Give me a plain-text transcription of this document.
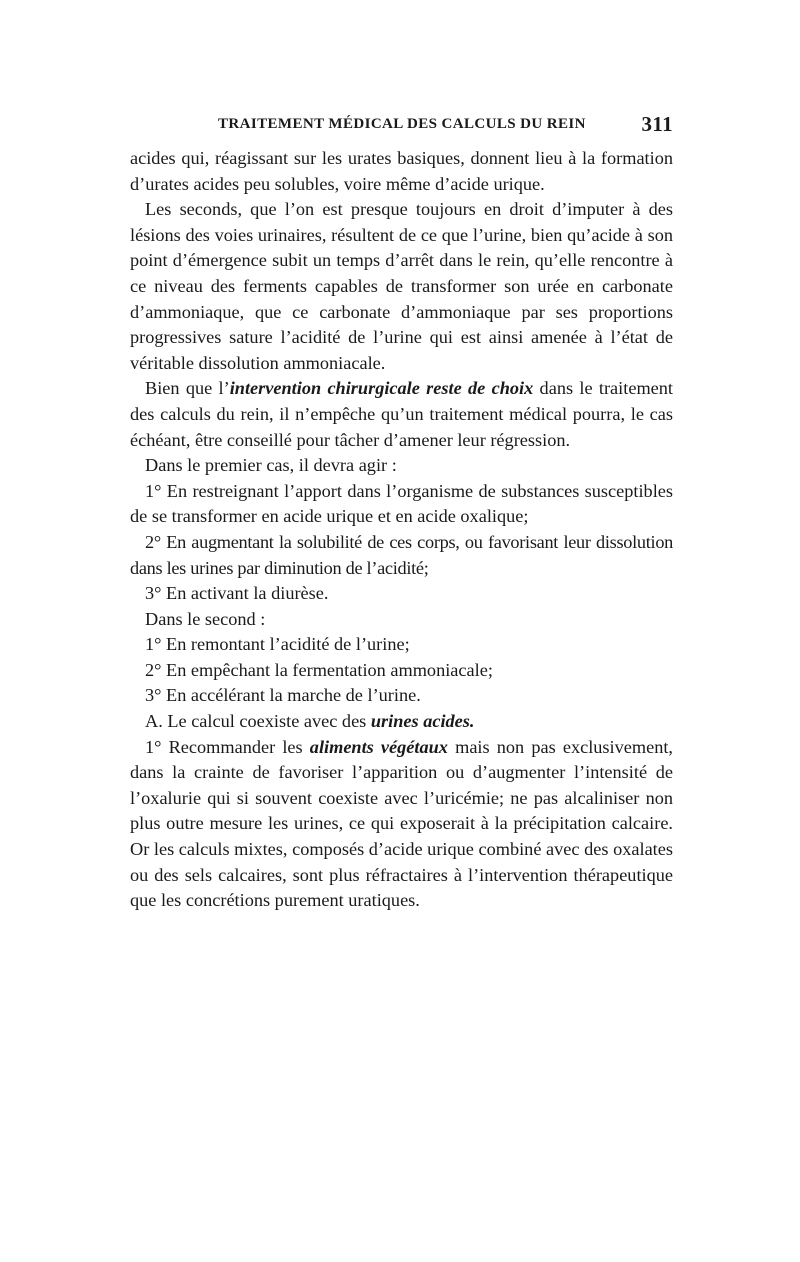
TRAITEMENT MÉDICAL DES CALCULS DU REIN	311

acides qui, réagissant sur les urates basiques, donnent lieu à la formation d’urates acides peu solubles, voire même d’acide urique.

Les seconds, que l’on est presque toujours en droit d’imputer à des lésions des voies urinaires, résultent de ce que l’urine, bien qu’acide à son point d’émergence subit un temps d’arrêt dans le rein, qu’elle rencontre à ce niveau des ferments capables de transformer son urée en carbonate d’ammoniaque, que ce carbonate d’ammoniaque par ses proportions progressives sature l’acidité de l’urine qui est ainsi amenée à l’état de véritable dissolution ammoniacale.

Bien que l’intervention chirurgicale reste de choix dans le traitement des calculs du rein, il n’empêche qu’un traitement médical pourra, le cas échéant, être conseillé pour tâcher d’amener leur régression.

Dans le premier cas, il devra agir :

1° En restreignant l’apport dans l’organisme de substances susceptibles de se transformer en acide urique et en acide oxalique;

2° En augmentant la solubilité de ces corps, ou favorisant leur dissolution dans les urines par diminution de l’acidité;

3° En activant la diurèse.

Dans le second :

1° En remontant l’acidité de l’urine;

2° En empêchant la fermentation ammoniacale;

3° En accélérant la marche de l’urine.

A. Le calcul coexiste avec des urines acides.

1° Recommander les aliments végétaux mais non pas exclusivement, dans la crainte de favoriser l’apparition ou d’augmenter l’intensité de l’oxalurie qui si souvent coexiste avec l’uricémie; ne pas alcaliniser non plus outre mesure les urines, ce qui exposerait à la précipitation calcaire. Or les calculs mixtes, composés d’acide urique combiné avec des oxalates ou des sels calcaires, sont plus réfractaires à l’intervention thérapeutique que les concrétions purement uratiques.
